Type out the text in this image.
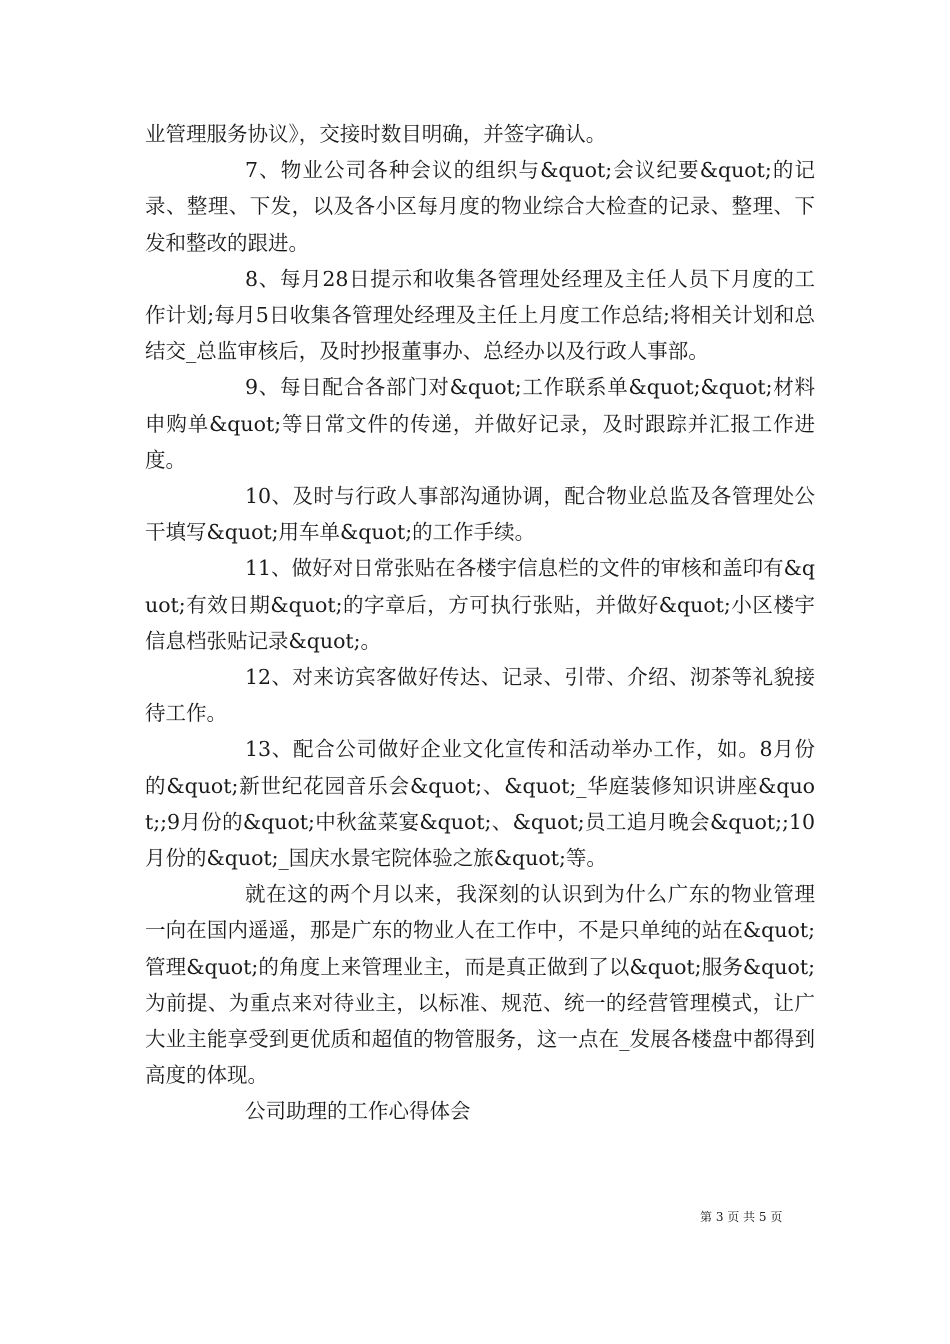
业管理服务协议》，交接时数目明确，并签字确认。

7、物业公司各种会议的组织与&quot;会议纪要&quot;的记录、整理、下发，以及各小区每月度的物业综合大检查的记录、整理、下发和整改的跟进。

8、每月28日提示和收集各管理处经理及主任人员下月度的工作计划;每月5日收集各管理处经理及主任上月度工作总结;将相关计划和总结交_总监审核后，及时抄报董事办、总经办以及行政人事部。

9、每日配合各部门对&quot;工作联系单&quot;&quot;材料申购单&quot;等日常文件的传递，并做好记录，及时跟踪并汇报工作进度。

10、及时与行政人事部沟通协调，配合物业总监及各管理处公干填写&quot;用车单&quot;的工作手续。

11、做好对日常张贴在各楼宇信息栏的文件的审核和盖印有&quot;有效日期&quot;的字章后，方可执行张贴，并做好&quot;小区楼宇信息档张贴记录&quot;。

12、对来访宾客做好传达、记录、引带、介绍、沏茶等礼貌接待工作。

13、配合公司做好企业文化宣传和活动举办工作，如。8月份的&quot;新世纪花园音乐会&quot;、&quot;_华庭装修知识讲座&quot;;9月份的&quot;中秋盆菜宴&quot;、&quot;员工追月晚会&quot;;10月份的&quot;_国庆水景宅院体验之旅&quot;等。

就在这的两个月以来，我深刻的认识到为什么广东的物业管理一向在国内遥遥，那是广东的物业人在工作中，不是只单纯的站在&quot;管理&quot;的角度上来管理业主，而是真正做到了以&quot;服务&quot;为前提、为重点来对待业主，以标准、规范、统一的经营管理模式，让广大业主能享受到更优质和超值的物管服务，这一点在_发展各楼盘中都得到高度的体现。

公司助理的工作心得体会

第 3 页 共 5 页
